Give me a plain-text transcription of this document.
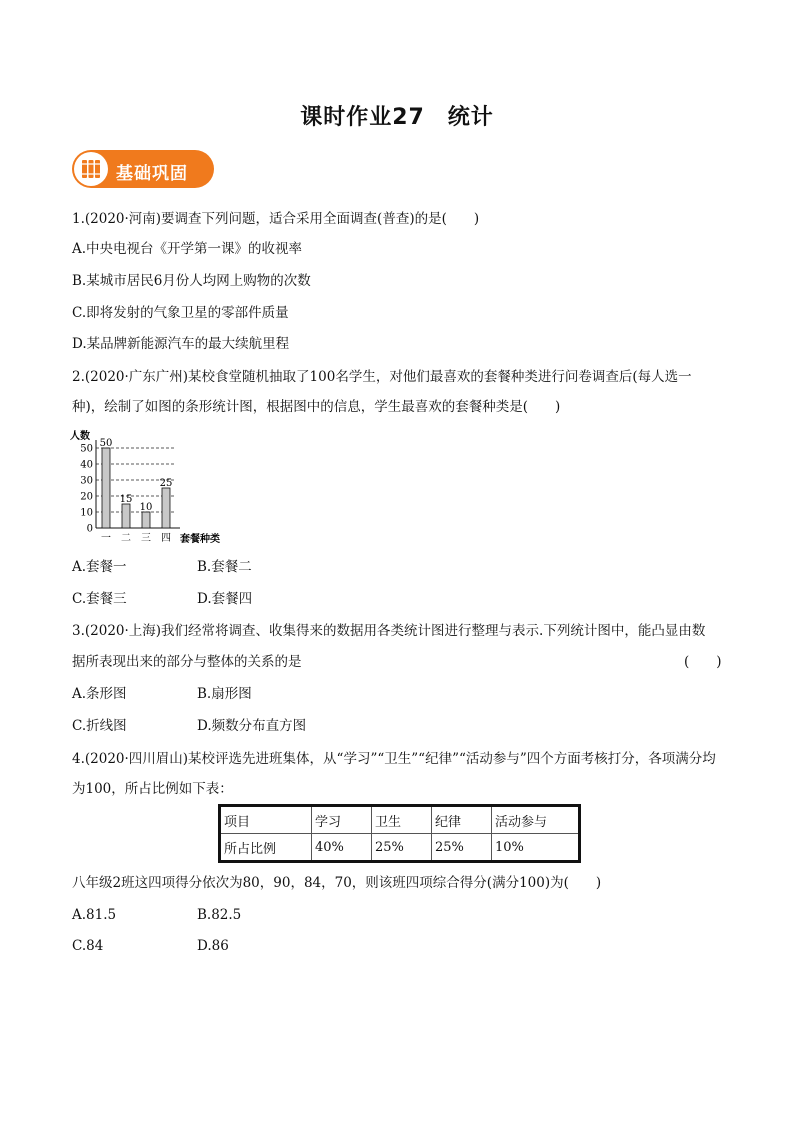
课时作业27　统计
基础巩固
1.(2020·河南)要调查下列问题，适合采用全面调查(普查)的是(　　)
A.中央电视台《开学第一课》的收视率
B.某城市居民6月份人均网上购物的次数
C.即将发射的气象卫星的零部件质量
D.某品牌新能源汽车的最大续航里程
2.(2020·广东广州)某校食堂随机抽取了100名学生，对他们最喜欢的套餐种类进行问卷调查后(每人选一
种)，绘制了如图的条形统计图，根据图中的信息，学生最喜欢的套餐种类是(　　)
人数
0
10
20
30
40
50 50
15
10
25
一 二 三 四 套餐种类
A.套餐一	B.套餐二
C.套餐三	D.套餐四
3.(2020·上海)我们经常将调查、收集得来的数据用各类统计图进行整理与表示.下列统计图中，能凸显由数
据所表现出来的部分与整体的关系的是	(　　)
A.条形图	B.扇形图
C.折线图	D.频数分布直方图
4.(2020·四川眉山)某校评选先进班集体，从“学习”“卫生”“纪律”“活动参与”四个方面考核打分，各项满分均
为100，所占比例如下表：
项目	学习	卫生	纪律	活动参与
所占比例	40%	25%	25%	10%
八年级2班这四项得分依次为80，90，84，70，则该班四项综合得分(满分100)为(　　)
A.81.5	B.82.5
C.84	D.86
